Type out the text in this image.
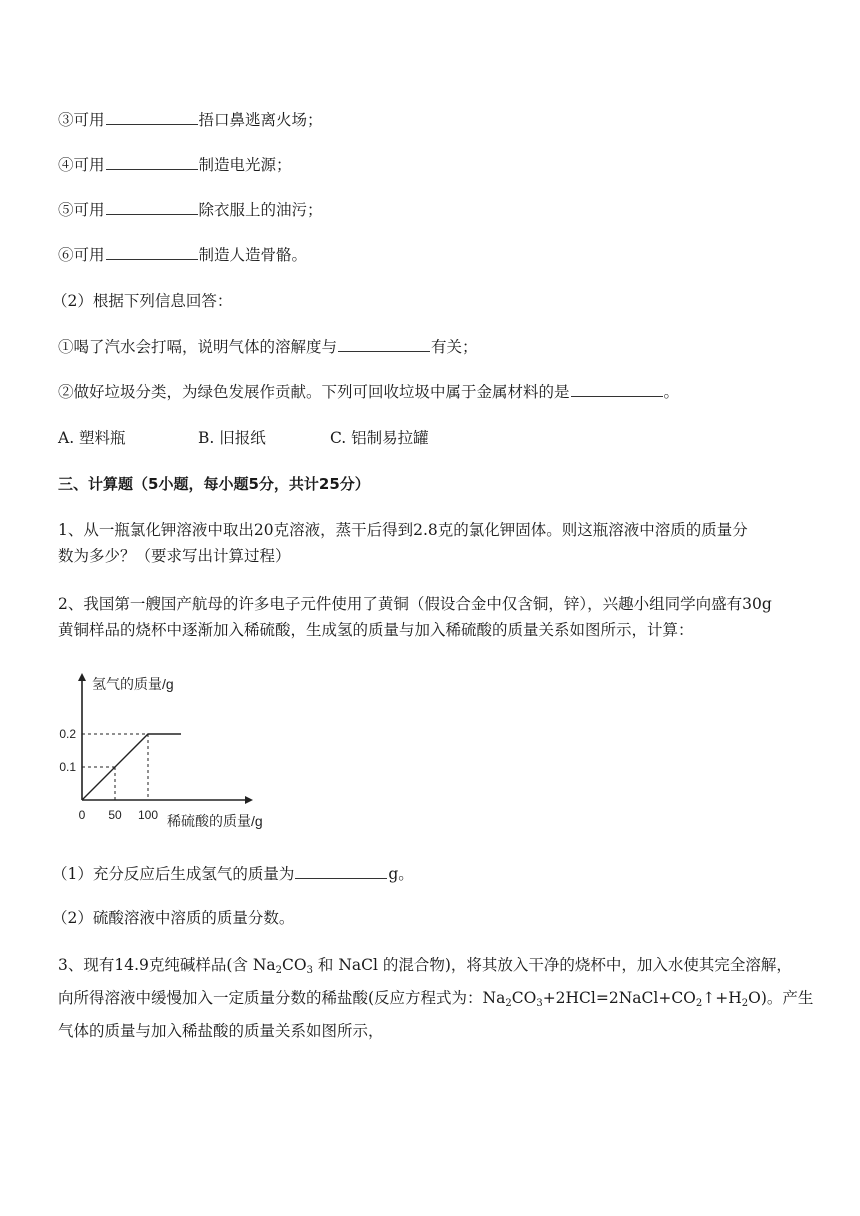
③可用	捂口鼻逃离火场；
④可用	制造电光源；
⑤可用	除衣服上的油污；
⑥可用	制造人造骨骼。
（2）根据下列信息回答：
①喝了汽水会打嗝，说明气体的溶解度与	有关；
②做好垃圾分类，为绿色发展作贡献。下列可回收垃圾中属于金属材料的是	。
A. 塑料瓶	B. 旧报纸	C. 铝制易拉罐
三、计算题（5小题，每小题5分，共计25分）
1、从一瓶氯化钾溶液中取出20克溶液，蒸干后得到2.8克的氯化钾固体。则这瓶溶液中溶质的质量分
数为多少？（要求写出计算过程）
2、我国第一艘国产航母的许多电子元件使用了黄铜（假设合金中仅含铜，锌），兴趣小组同学向盛有30g
黄铜样品的烧杯中逐渐加入稀硫酸，生成氢的质量与加入稀硫酸的质量关系如图所示，计算：
0.1
0.2
0 50 100
氢气的质量/g
稀硫酸的质量/g
（1）充分反应后生成氢气的质量为	g。
（2）硫酸溶液中溶质的质量分数。
3、现有14.9克纯碱样品(含 $Na_2CO_3$ 和 NaCl 的混合物)，将其放入干净的烧杯中，加入水使其完全溶解，
向所得溶液中缓慢加入一定质量分数的稀盐酸(反应方程式为：$Na_2CO_3+2HCl=2NaCl+CO_2↑+H_2O$)。产生
气体的质量与加入稀盐酸的质量关系如图所示，
